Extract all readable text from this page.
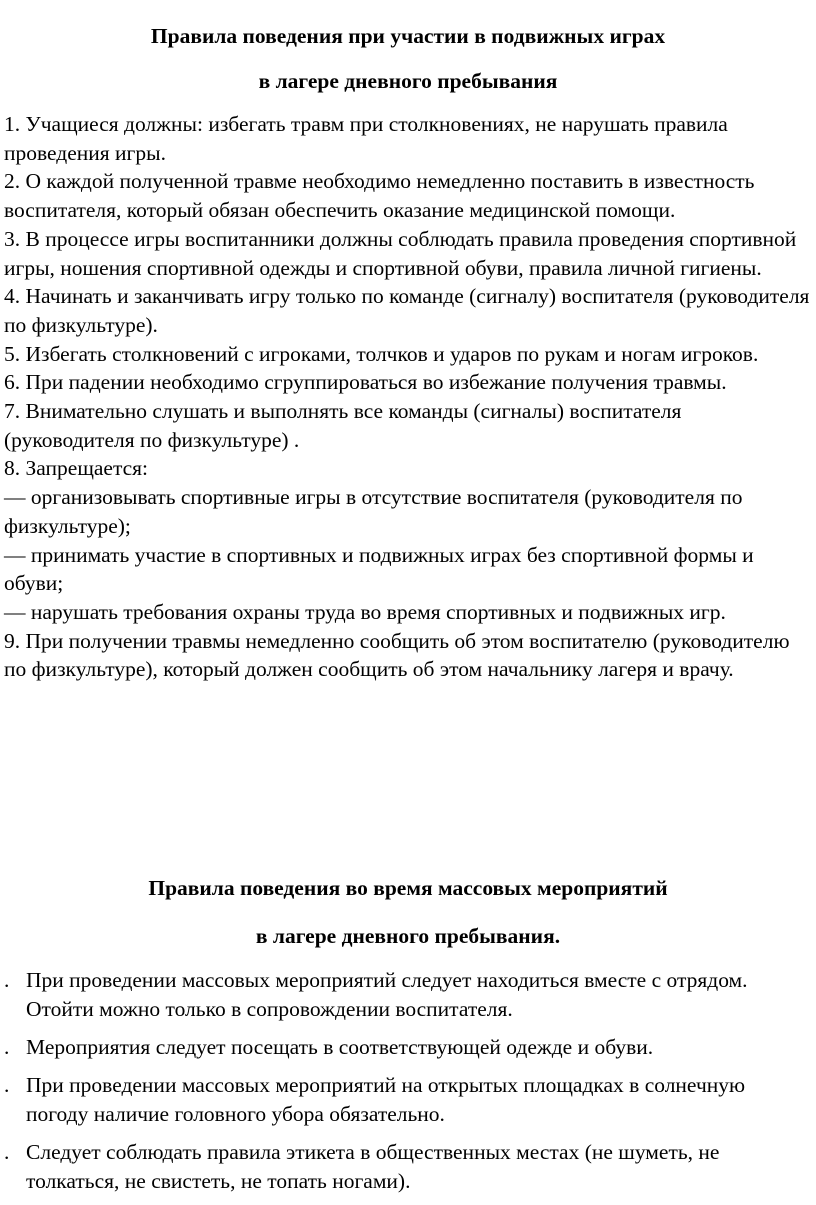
Правила поведения при участии в подвижных играх
в лагере дневного пребывания

1. Учащиеся должны: избегать травм при столкновениях, не нарушать правила проведения игры.

2. О каждой полученной травме необходимо немедленно поставить в известность воспитателя, который обязан обеспечить оказание медицинской помощи.

3. В процессе игры воспитанники должны соблюдать правила проведения спортивной игры, ношения спортивной одежды и спортивной обуви, правила личной гигиены.

4. Начинать и заканчивать игру только по команде (сигналу) воспитателя (руководителя по физкультуре).

5. Избегать столкновений с игроками, толчков и ударов по рукам и ногам игроков.

6. При падении необходимо сгруппироваться во избежание получения травмы.

7. Внимательно слушать и выполнять все команды (сигналы) воспитателя (руководителя по физкультуре) .

8. Запрещается:

— организовывать спортивные игры в отсутствие воспитателя (руководителя по физкультуре);

— принимать участие в спортивных и подвижных играх без спортивной формы и обуви;

— нарушать требования охраны труда во время спортивных и подвижных игр.

9. При получении травмы немедленно сообщить об этом воспитателю (руководителю по физкультуре), который должен сообщить об этом начальнику лагеря и врачу.

Правила поведения во время массовых мероприятий
в лагере дневного пребывания.
. При проведении массовых мероприятий следует находиться вместе с отрядом. Отойти можно только в сопровождении воспитателя.
. Мероприятия следует посещать в соответствующей одежде и обуви.
. При проведении массовых мероприятий на открытых площадках в солнечную погоду наличие головного убора обязательно.
. Следует соблюдать правила этикета в общественных местах (не шуметь, не толкаться, не свистеть, не топать ногами).
